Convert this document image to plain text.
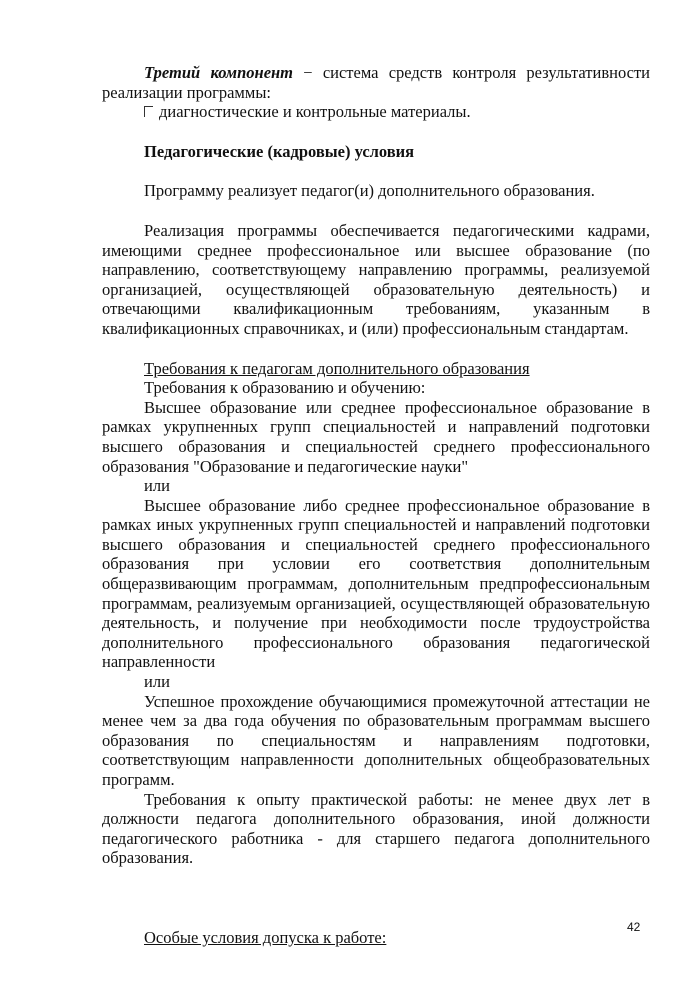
Третий компонент − система средств контроля результативности реализации программы:

диагностические и контрольные материалы.

Педагогические (кадровые) условия

Программу реализует педагог(и) дополнительного образования.

Реализация программы обеспечивается педагогическими кадрами, имеющими среднее профессиональное или высшее образование (по направлению, соответствующему направлению программы, реализуемой организацией, осуществляющей образовательную деятельность) и отвечающими квалификационным требованиям, указанным в квалификационных справочниках, и (или) профессиональным стандартам.

Требования к педагогам дополнительного образования

Требования к образованию и обучению:

Высшее образование или среднее профессиональное образование в рамках укрупненных групп специальностей и направлений подготовки высшего образования и специальностей среднего профессионального образования "Образование и педагогические науки"

или

Высшее образование либо среднее профессиональное образование в рамках иных укрупненных групп специальностей и направлений подготовки высшего образования и специальностей среднего профессионального образования при условии его соответствия дополнительным общеразвивающим программам, дополнительным предпрофессиональным программам, реализуемым организацией, осуществляющей образовательную деятельность, и получение при необходимости после трудоустройства дополнительного профессионального образования педагогической направленности

или

Успешное прохождение обучающимися промежуточной аттестации не менее чем за два года обучения по образовательным программам высшего образования по специальностям и направлениям подготовки, соответствующим направленности дополнительных общеобразовательных программ.

Требования к опыту практической работы: не менее двух лет в должности педагога дополнительного образования, иной должности педагогического работника - для старшего педагога дополнительного образования.

Особые условия допуска к работе:

42
